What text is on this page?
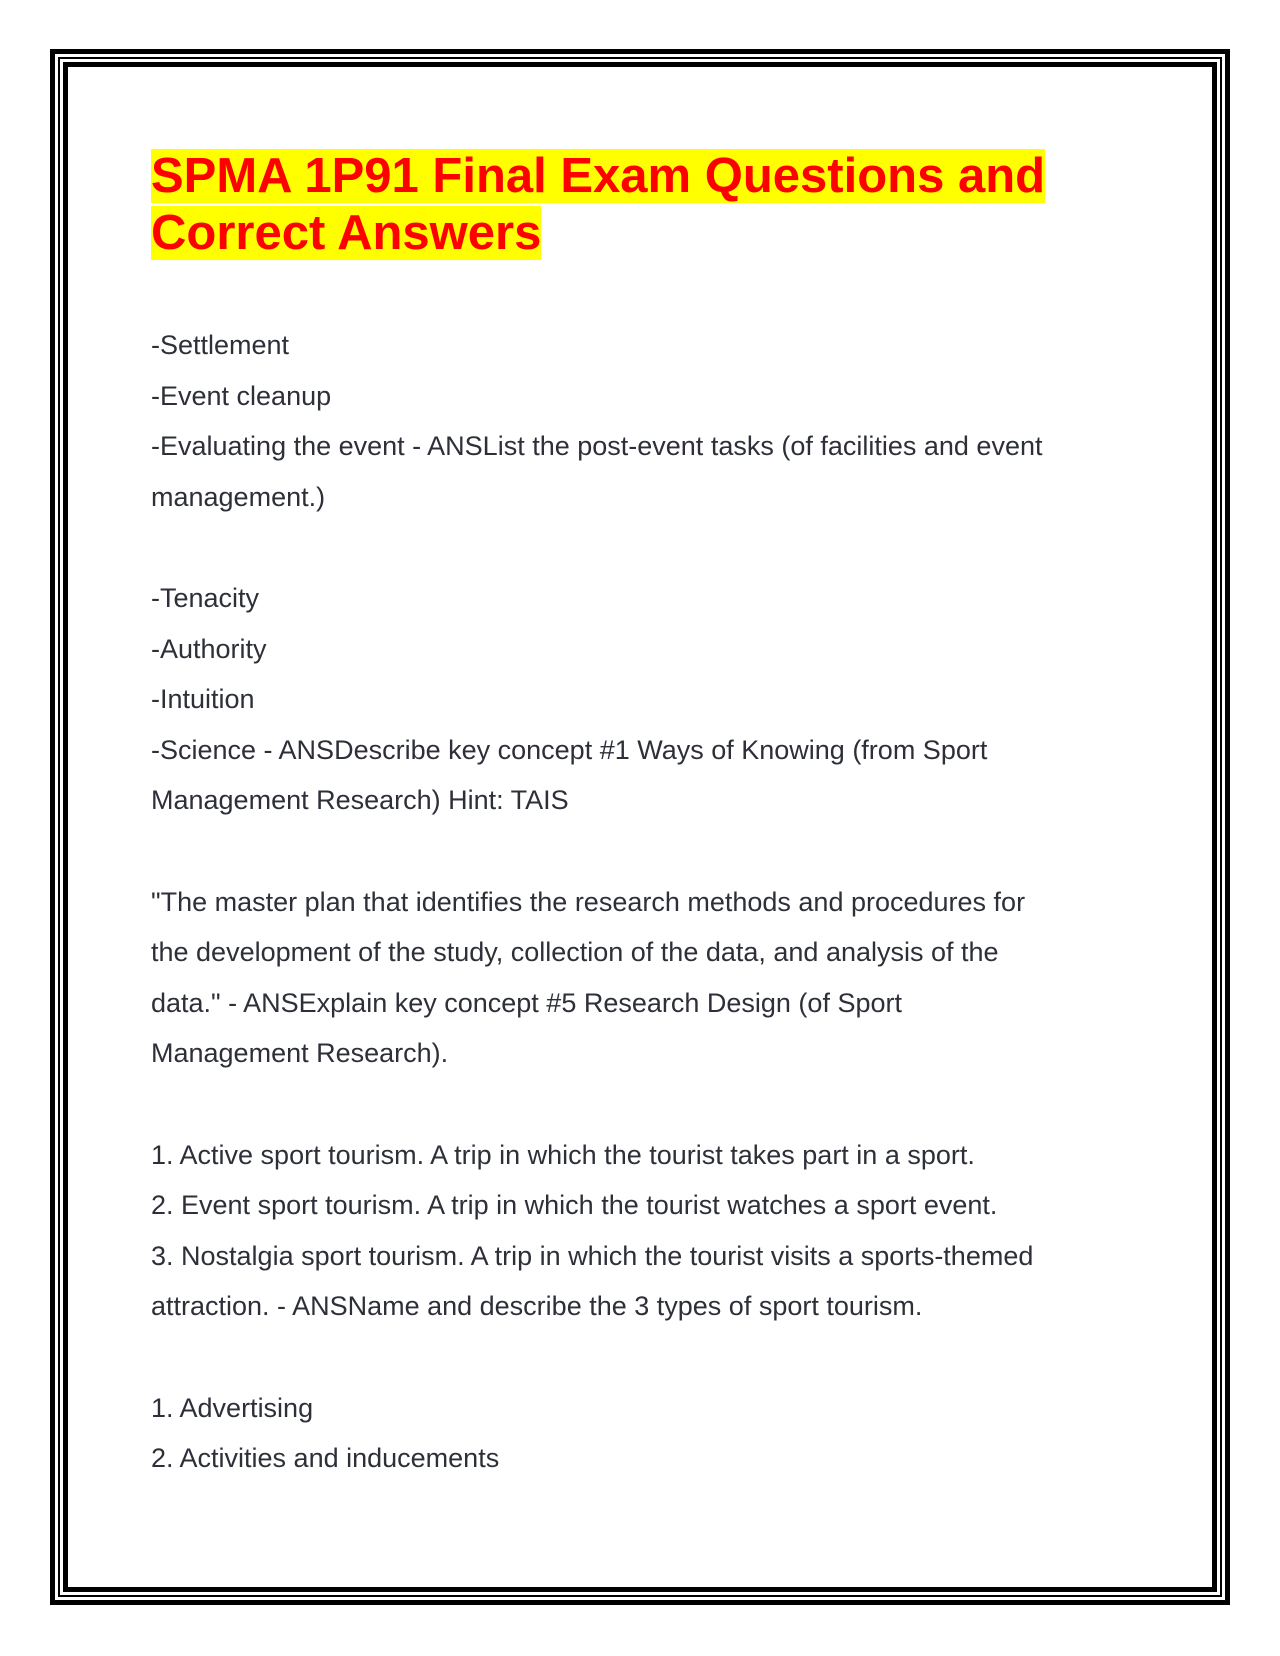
SPMA 1P91 Final Exam Questions and
Correct Answers
-Settlement
-Event cleanup
-Evaluating the event - ANSList the post-event tasks (of facilities and event
management.)
-Tenacity
-Authority
-Intuition
-Science - ANSDescribe key concept #1 Ways of Knowing (from Sport
Management Research) Hint: TAIS
"The master plan that identifies the research methods and procedures for
the development of the study, collection of the data, and analysis of the
data." - ANSExplain key concept #5 Research Design (of Sport
Management Research).
1. Active sport tourism. A trip in which the tourist takes part in a sport.
2. Event sport tourism. A trip in which the tourist watches a sport event.
3. Nostalgia sport tourism. A trip in which the tourist visits a sports-themed
attraction. - ANSName and describe the 3 types of sport tourism.
1. Advertising
2. Activities and inducements
